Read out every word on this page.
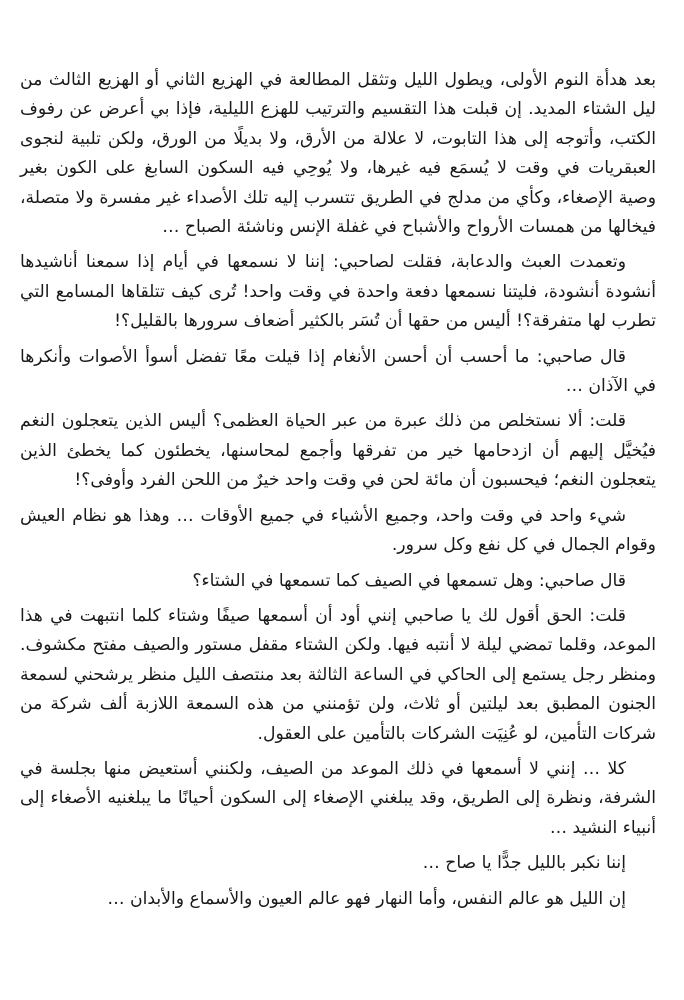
بعد هدأة النوم الأولى، ويطول الليل وتثقل المطالعة في الهزيع الثاني أو الهزيع الثالث من ليل الشتاء المديد. إن قبلت هذا التقسيم والترتيب للهزع الليلية، فإذا بي أعرض عن رفوف الكتب، وأتوجه إلى هذا التابوت، لا علالة من الأرق، ولا بديلًا من الورق، ولكن تلبية لنجوى العبقريات في وقت لا يُسمَع فيه غيرها، ولا يُوحِي فيه السكون السابغ على الكون بغير وصية الإصغاء، وكأي من مدلج في الطريق تتسرب إليه تلك الأصداء غير مفسرة ولا متصلة، فيخالها من همسات الأرواح والأشباح في غفلة الإنس وناشئة الصباح …

وتعمدت العبث والدعابة، فقلت لصاحبي: إننا لا نسمعها في أيام إذا سمعنا أناشيدها أنشودة أنشودة، فليتنا نسمعها دفعة واحدة في وقت واحد! تُرى كيف تتلقاها المسامع التي تطرب لها متفرقة؟! أليس من حقها أن تُسَر بالكثير أضعاف سرورها بالقليل؟!

قال صاحبي: ما أحسب أن أحسن الأنغام إذا قيلت معًا تفضل أسوأ الأصوات وأنكرها في الآذان …

قلت: ألا نستخلص من ذلك عبرة من عبر الحياة العظمى؟ أليس الذين يتعجلون النغم فيُخيَّل إليهم أن ازدحامها خير من تفرقها وأجمع لمحاسنها، يخطئون كما يخطئ الذين يتعجلون النغم؛ فيحسبون أن مائة لحن في وقت واحد خيرٌ من اللحن الفرد وأوفى؟!

شيء واحد في وقت واحد، وجميع الأشياء في جميع الأوقات … وهذا هو نظام العيش وقوام الجمال في كل نفع وكل سرور.

قال صاحبي: وهل تسمعها في الصيف كما تسمعها في الشتاء؟

قلت: الحق أقول لك يا صاحبي إنني أود أن أسمعها صيفًا وشتاء كلما انتبهت في هذا الموعد، وقلما تمضي ليلة لا أنتبه فيها. ولكن الشتاء مقفل مستور والصيف مفتح مكشوف. ومنظر رجل يستمع إلى الحاكي في الساعة الثالثة بعد منتصف الليل منظر يرشحني لسمعة الجنون المطبق بعد ليلتين أو ثلاث، ولن تؤمنني من هذه السمعة اللازبة ألف شركة من شركات التأمين، لو عُنِيَت الشركات بالتأمين على العقول.

كلا … إنني لا أسمعها في ذلك الموعد من الصيف، ولكنني أستعيض منها بجلسة في الشرفة، ونظرة إلى الطريق، وقد يبلغني الإصغاء إلى السكون أحيانًا ما يبلغنيه الأصغاء إلى أنبياء النشيد …

إننا نكبر بالليل جدًّا يا صاح …

إن الليل هو عالم النفس، وأما النهار فهو عالم العيون والأسماع والأبدان …
